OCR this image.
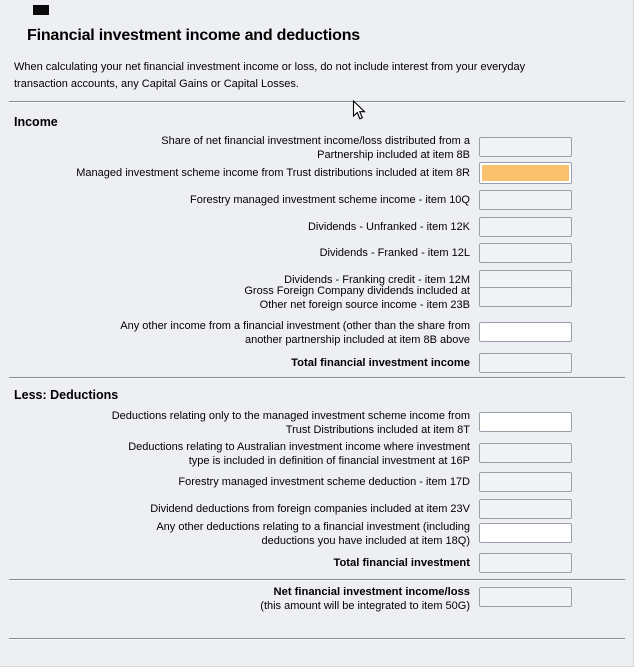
Financial investment income and deductions
When calculating your net financial investment income or loss, do not include interest from your everyday
transaction accounts, any Capital Gains or Capital Losses.
Income
Share of net financial investment income/loss distributed from a
Partnership included at item 8B
Managed investment scheme income from Trust distributions included at item 8R
Forestry managed investment scheme income - item 10Q
Dividends - Unfranked - item 12K
Dividends - Franked - item 12L
Dividends - Franking credit - item 12M
Gross Foreign Company dividends included at
Other net foreign source income - item 23B
Any other income from a financial investment (other than the share from
another partnership included at item 8B above
Total financial investment income
Less: Deductions
Deductions relating only to the managed investment scheme income from
Trust Distributions included at item 8T
Deductions relating to Australian investment income where investment
type is included in definition of financial investment at 16P
Forestry managed investment scheme deduction - item 17D
Dividend deductions from foreign companies included at item 23V
Any other deductions relating to a financial investment (including
deductions you have included at item 18Q)
Total financial investment
Net financial investment income/loss
(this amount will be integrated to item 50G)
